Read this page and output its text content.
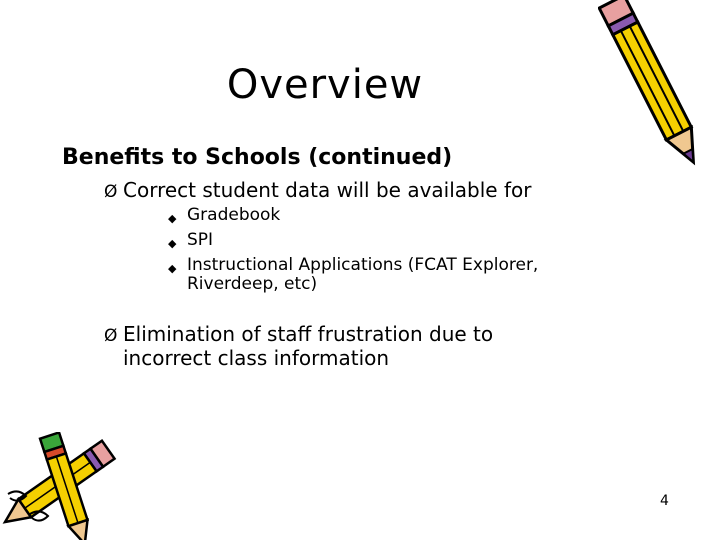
Overview
Benefits to Schools (continued)
Ø Correct student data will be available for
◆ Gradebook
◆ SPI
◆ Instructional Applications (FCAT Explorer,
Riverdeep, etc)
Ø Elimination of staff frustration due to
incorrect class information
4
